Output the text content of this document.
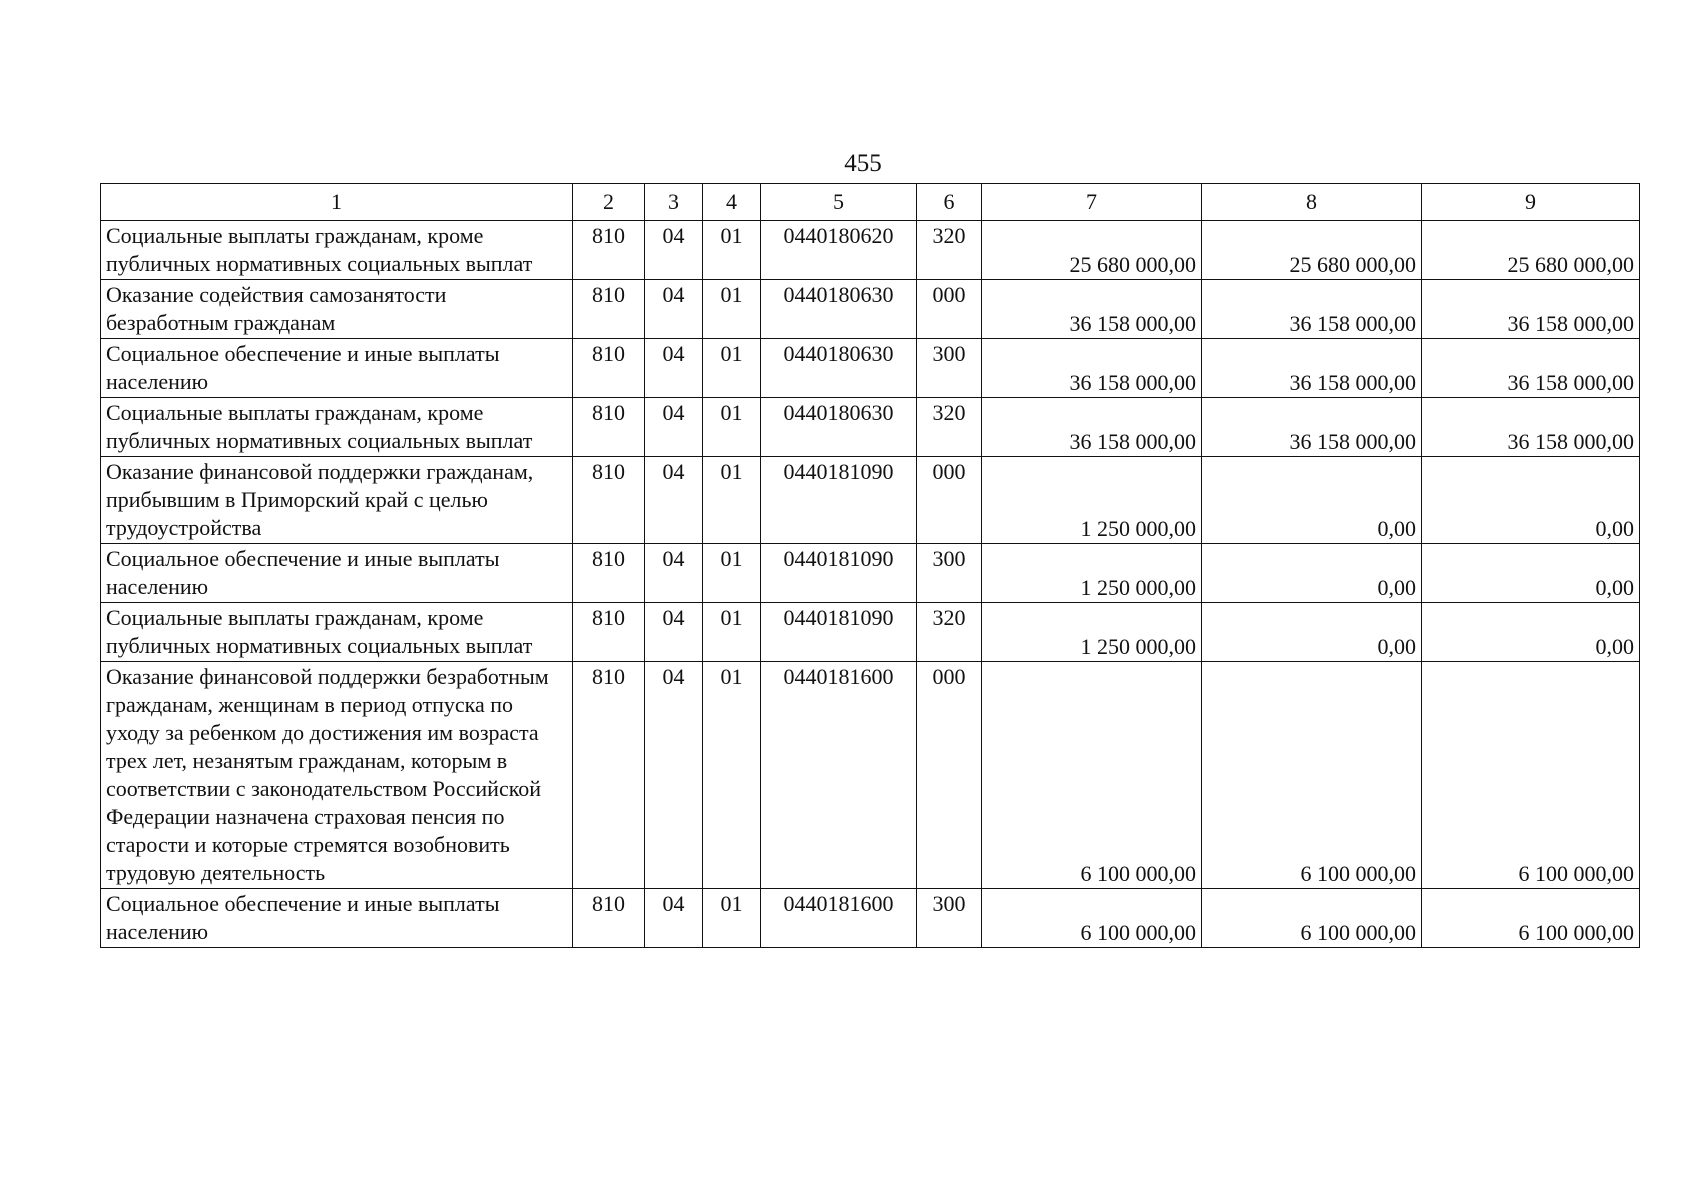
455
1	2	3	4	5	6	7	8	9
Социальные выплаты гражданам, кроме публичных нормативных социальных выплат	810	04	01	0440180620	320	25 680 000,00	25 680 000,00	25 680 000,00
Оказание содействия самозанятости безработным гражданам	810	04	01	0440180630	000	36 158 000,00	36 158 000,00	36 158 000,00
Социальное обеспечение и иные выплаты населению	810	04	01	0440180630	300	36 158 000,00	36 158 000,00	36 158 000,00
Социальные выплаты гражданам, кроме публичных нормативных социальных выплат	810	04	01	0440180630	320	36 158 000,00	36 158 000,00	36 158 000,00
Оказание финансовой поддержки гражданам, прибывшим в Приморский край с целью трудоустройства	810	04	01	0440181090	000	1 250 000,00	0,00	0,00
Социальное обеспечение и иные выплаты населению	810	04	01	0440181090	300	1 250 000,00	0,00	0,00
Социальные выплаты гражданам, кроме публичных нормативных социальных выплат	810	04	01	0440181090	320	1 250 000,00	0,00	0,00
Оказание финансовой поддержки безработным гражданам, женщинам в период отпуска по уходу за ребенком до достижения им возраста трех лет, незанятым гражданам, которым в соответствии с законодательством Российской Федерации назначена страховая пенсия по старости и которые стремятся возобновить трудовую деятельность	810	04	01	0440181600	000	6 100 000,00	6 100 000,00	6 100 000,00
Социальное обеспечение и иные выплаты населению	810	04	01	0440181600	300	6 100 000,00	6 100 000,00	6 100 000,00
